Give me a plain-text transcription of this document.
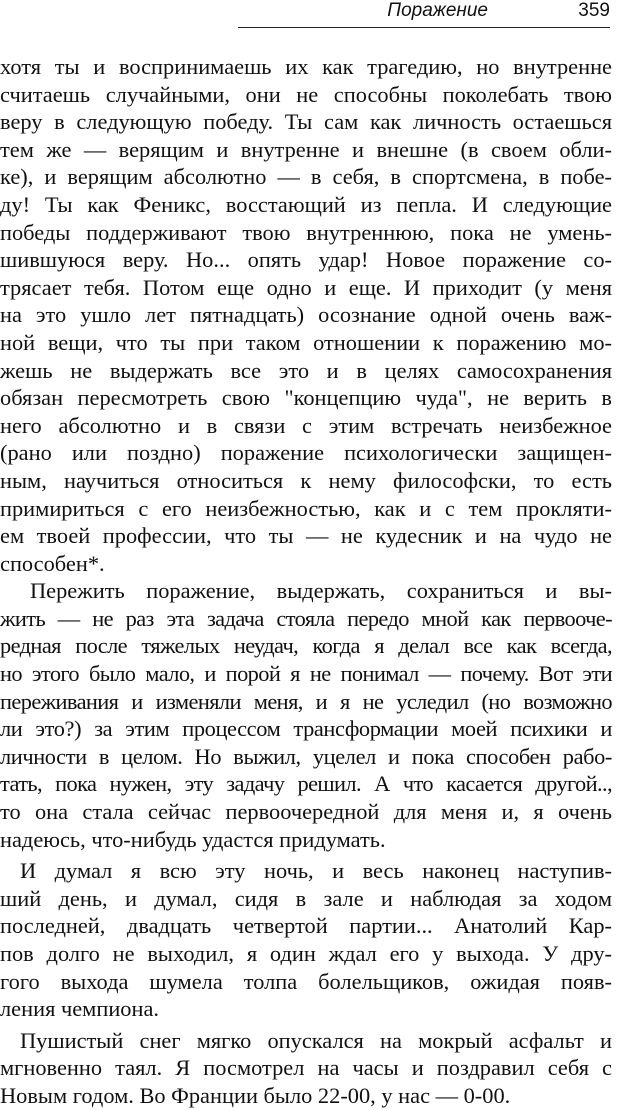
Поражение	359

хотя ты и воспринимаешь их как трагедию, но внутренне
считаешь случайными, они не способны поколебать твою
веру в следующую победу. Ты сам как личность остаешься
тем же — верящим и внутренне и внешне (в своем обли-
ке), и верящим абсолютно — в себя, в спортсмена, в побе-
ду! Ты как Феникс, восстающий из пепла. И следующие
победы поддерживают твою внутреннюю, пока не умень-
шившуюся веру. Но... опять удар! Новое поражение со-
трясает тебя. Потом еще одно и еще. И приходит (у меня
на это ушло лет пятнадцать) осознание одной очень важ-
ной вещи, что ты при таком отношении к поражению мо-
жешь не выдержать все это и в целях самосохранения
обязан пересмотреть свою "концепцию чуда", не верить в
него абсолютно и в связи с этим встречать неизбежное
(рано или поздно) поражение психологически защищен-
ным, научиться относиться к нему философски, то есть
примириться с его неизбежностью, как и с тем прокляти-
ем твоей профессии, что ты — не кудесник и на чудо не
способен*.

Пережить поражение, выдержать, сохраниться и вы-
жить — не раз эта задача стояла передо мной как первооче-
редная после тяжелых неудач, когда я делал все как всегда,
но этого было мало, и порой я не понимал — почему. Вот эти
переживания и изменяли меня, и я не уследил (но возможно
ли это?) за этим процессом трансформации моей психики и
личности в целом. Но выжил, уцелел и пока способен рабо-
тать, пока нужен, эту задачу решил. А что касается другой..,
то она стала сейчас первоочередной для меня и, я очень
надеюсь, что-нибудь удастся придумать.

И думал я всю эту ночь, и весь наконец наступив-
ший день, и думал, сидя в зале и наблюдая за ходом
последней, двадцать четвертой партии... Анатолий Кар-
пов долго не выходил, я один ждал его у выхода. У дру-
гого выхода шумела толпа болельщиков, ожидая появ-
ления чемпиона.

Пушистый снег мягко опускался на мокрый асфальт и
мгновенно таял. Я посмотрел на часы и поздравил себя с
Новым годом. Во Франции было 22-00, у нас — 0-00.
